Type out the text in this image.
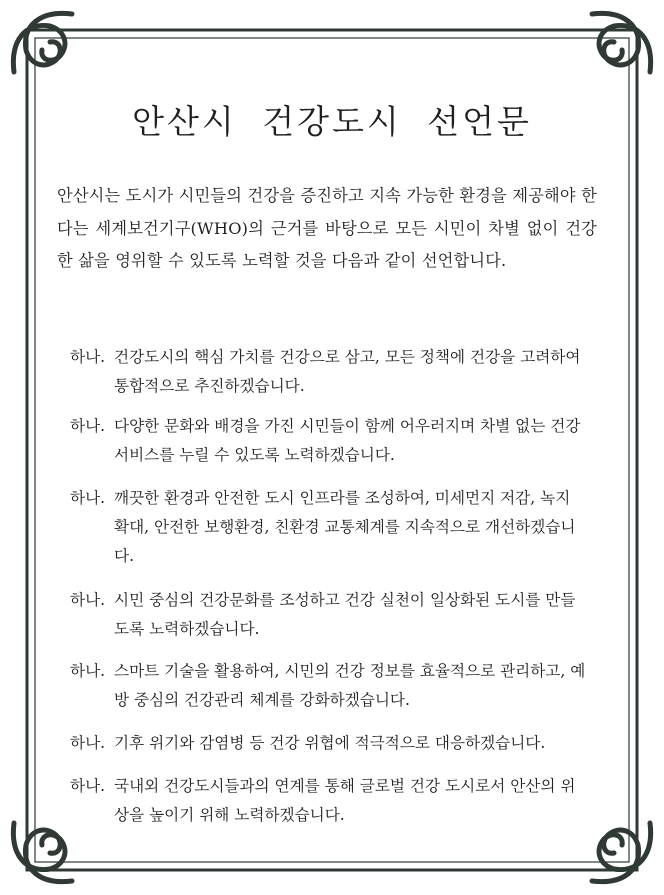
안산시 건강도시 선언문

안산시는 도시가 시민들의 건강을 증진하고 지속 가능한 환경을 제공해야 한다는 세계보건기구(WHO)의 근거를 바탕으로 모든 시민이 차별 없이 건강한 삶을 영위할 수 있도록 노력할 것을 다음과 같이 선언합니다.

하나. 건강도시의 핵심 가치를 건강으로 삼고, 모든 정책에 건강을 고려하여 통합적으로 추진하겠습니다.
하나. 다양한 문화와 배경을 가진 시민들이 함께 어우러지며 차별 없는 건강 서비스를 누릴 수 있도록 노력하겠습니다.
하나. 깨끗한 환경과 안전한 도시 인프라를 조성하여, 미세먼지 저감, 녹지 확대, 안전한 보행환경, 친환경 교통체계를 지속적으로 개선하겠습니다.
하나. 시민 중심의 건강문화를 조성하고 건강 실천이 일상화된 도시를 만들도록 노력하겠습니다.
하나. 스마트 기술을 활용하여, 시민의 건강 정보를 효율적으로 관리하고, 예방 중심의 건강관리 체계를 강화하겠습니다.
하나. 기후 위기와 감염병 등 건강 위협에 적극적으로 대응하겠습니다.
하나. 국내외 건강도시들과의 연계를 통해 글로벌 건강 도시로서 안산의 위상을 높이기 위해 노력하겠습니다.
